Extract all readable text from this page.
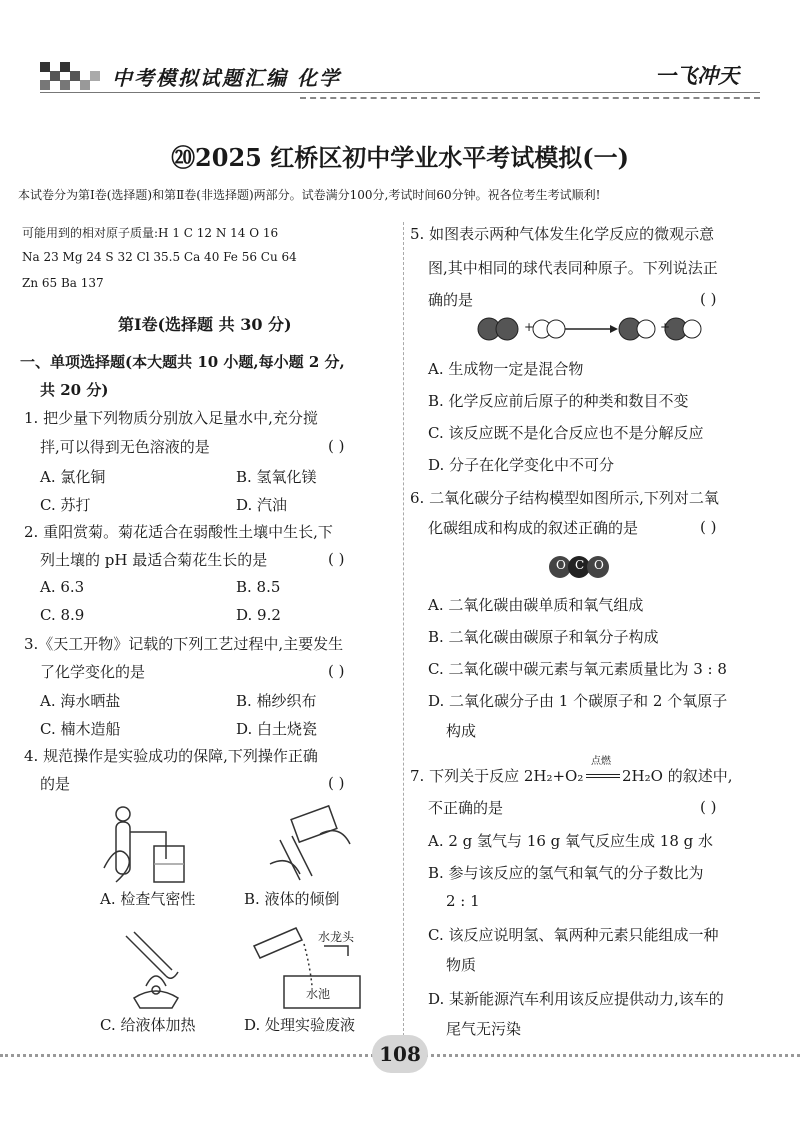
中考模拟试题汇编 化学	一飞冲天
⑳2025 红桥区初中学业水平考试模拟(一)
本试卷分为第Ⅰ卷(选择题)和第Ⅱ卷(非选择题)两部分。试卷满分100分,考试时间60分钟。祝各位考生考试顺利!
可能用到的相对原子质量:H 1 C 12 N 14 O 16
Na 23 Mg 24 S 32 Cl 35.5 Ca 40 Fe 56 Cu 64
Zn 65 Ba 137
第Ⅰ卷(选择题 共 30 分)
一、单项选择题(本大题共 10 小题,每小题 2 分,
共 20 分)
1. 把少量下列物质分别放入足量水中,充分搅
拌,可以得到无色溶液的是	( )
A. 氯化铜	B. 氢氧化镁
C. 苏打	D. 汽油
2. 重阳赏菊。菊花适合在弱酸性土壤中生长,下
列土壤的 pH 最适合菊花生长的是	( )
A. 6.3	B. 8.5
C. 8.9	D. 9.2
3.《天工开物》记载的下列工艺过程中,主要发生
了化学变化的是	( )
A. 海水晒盐	B. 棉纱织布
C. 楠木造船	D. 白土烧瓷
4. 规范操作是实验成功的保障,下列操作正确
的是	( )
A. 检查气密性	B. 液体的倾倒
C. 给液体加热
水龙头
水池
D. 处理实验废液
5. 如图表示两种气体发生化学反应的微观示意
图,其中相同的球代表同种原子。下列说法正
确的是	( )
+	+
A. 生成物一定是混合物
B. 化学反应前后原子的种类和数目不变
C. 该反应既不是化合反应也不是分解反应
D. 分子在化学变化中不可分
6. 二氧化碳分子结构模型如图所示,下列对二氧
化碳组成和构成的叙述正确的是	( )
O C O
A. 二氧化碳由碳单质和氧气组成
B. 二氧化碳由碳原子和氧分子构成
C. 二氧化碳中碳元素与氧元素质量比为 3 : 8
D. 二氧化碳分子由 1 个碳原子和 2 个氧原子
构成
7. 下列关于反应 2H₂+O₂
点燃
2H₂O 的叙述中,
不正确的是	( )
A. 2 g 氢气与 16 g 氧气反应生成 18 g 水
B. 参与该反应的氢气和氧气的分子数比为
2 : 1
C. 该反应说明氢、氧两种元素只能组成一种
物质
D. 某新能源汽车利用该反应提供动力,该车的
尾气无污染
108
